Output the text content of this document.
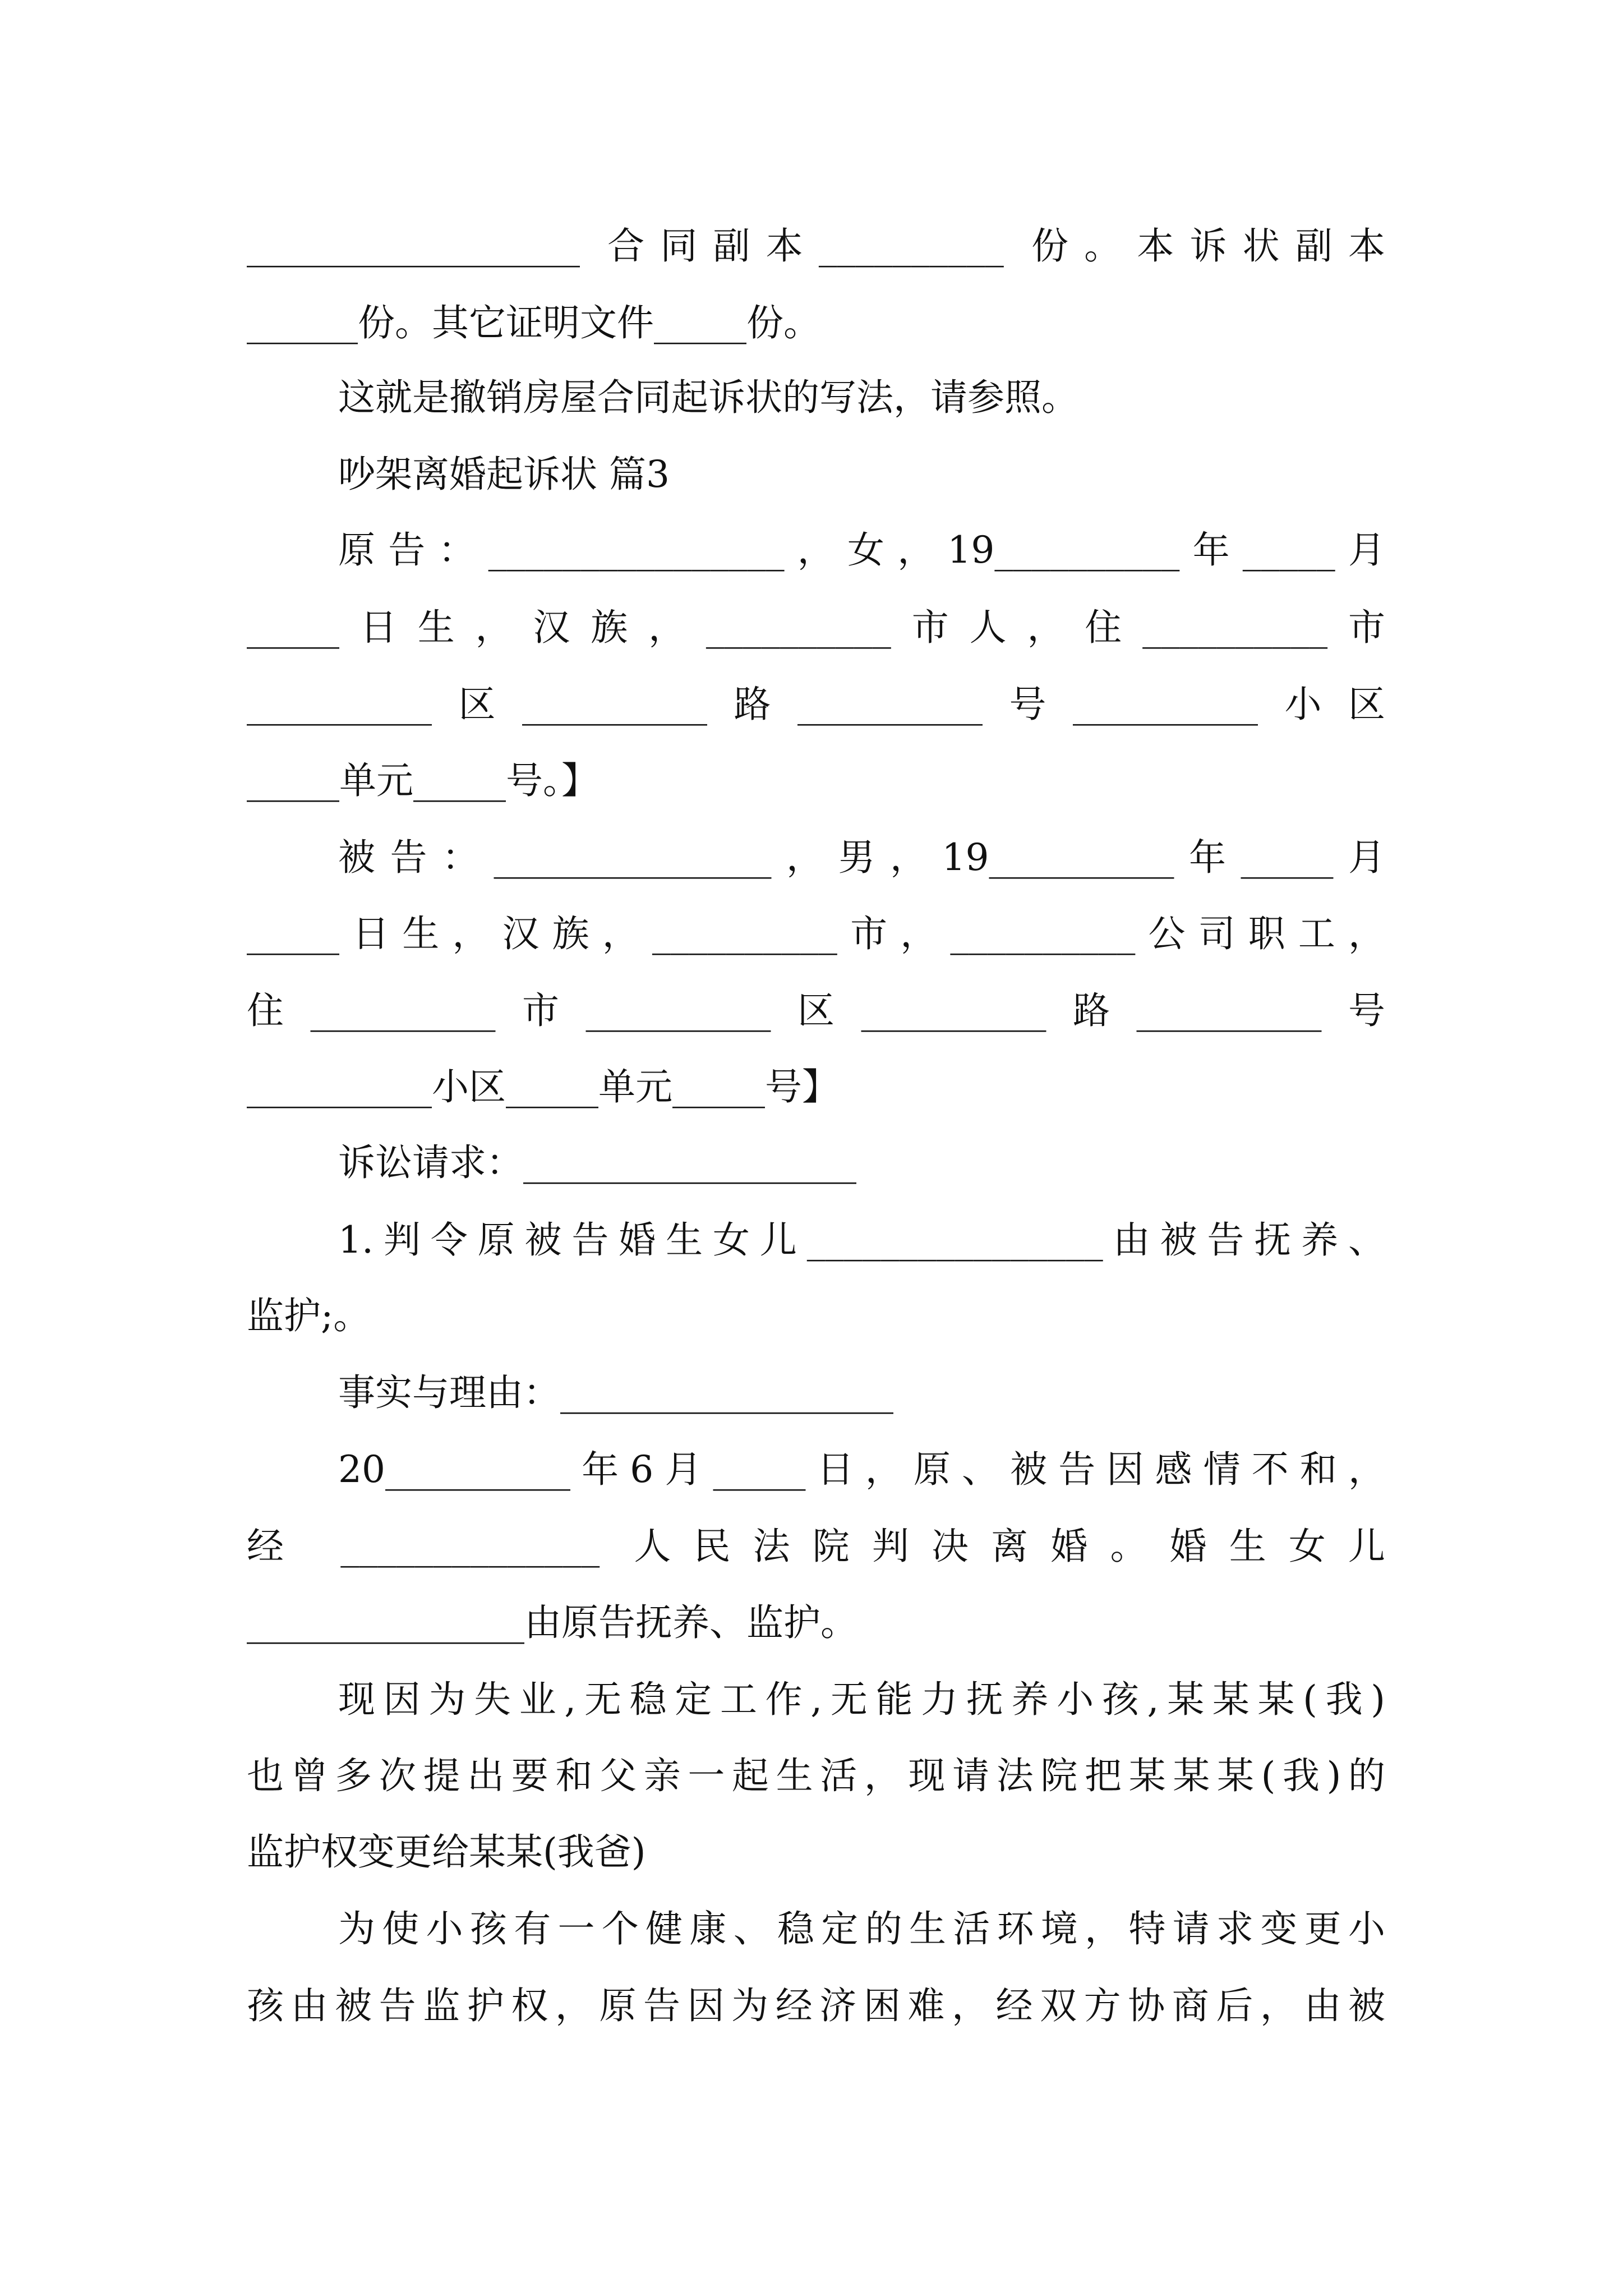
__________________ 合同副本__________ 份。本诉状副本
______份。其它证明文件_____份。
这就是撤销房屋合同起诉状的写法，请参照。
吵架离婚起诉状 篇3
原告：________________，女，19__________年_____月
_____日生，汉族，__________市人，住__________市
__________区__________路__________号__________小区
_____单元_____号。】
被告：_______________，男，19__________年_____月
_____日生，汉族，__________市，__________公司职工，
住__________市__________区__________路__________号
__________小区_____单元_____号】
诉讼请求：__________________
1.判令原被告婚生女儿________________由被告抚养、
监护;。
事实与理由：__________________
20__________年6月_____日，原、被告因感情不和，
经 ______________ 人民法院判决离婚。婚生女儿
_______________由原告抚养、监护。
现因为失业,无稳定工作,无能力抚养小孩,某某某(我)
也曾多次提出要和父亲一起生活，现请法院把某某某(我)的
监护权变更给某某(我爸)
为使小孩有一个健康、稳定的生活环境，特请求变更小
孩由被告监护权，原告因为经济困难，经双方协商后，由被
